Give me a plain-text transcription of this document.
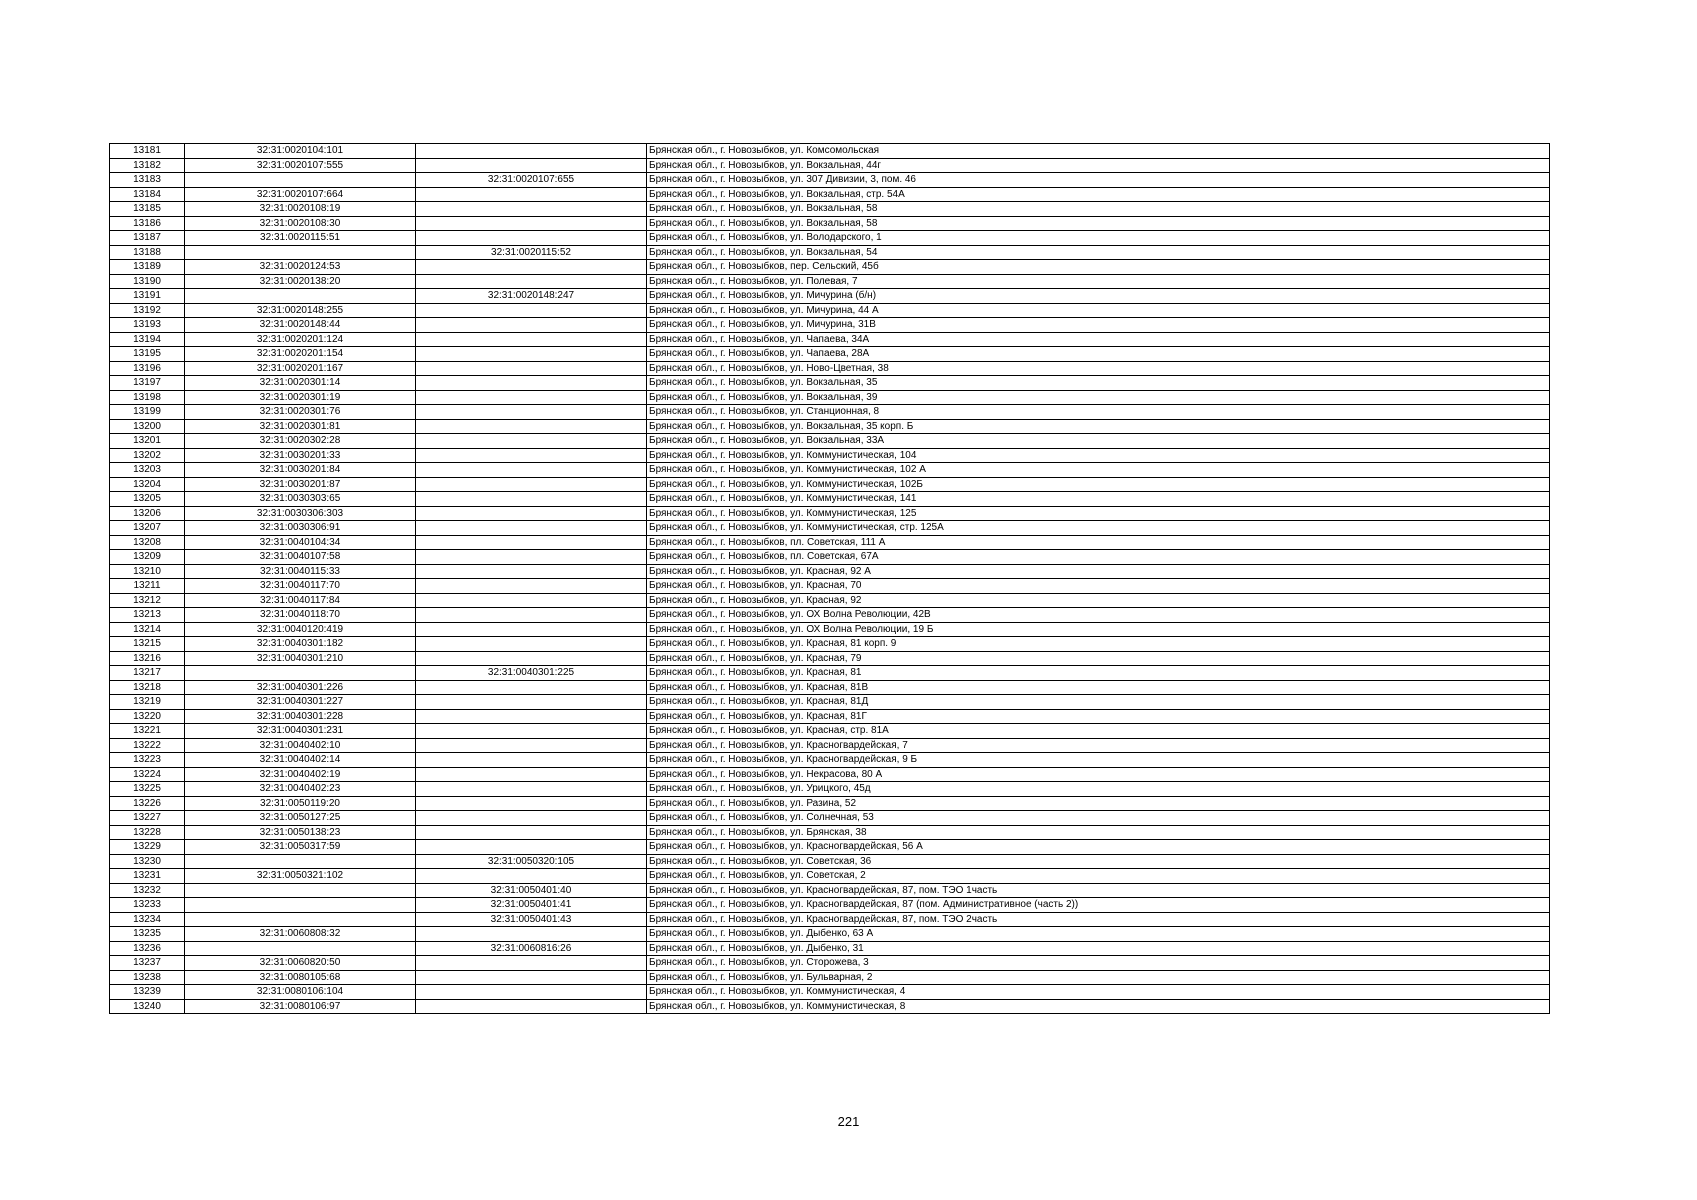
13181	32:31:0020104:101		Брянская обл., г. Новозыбков, ул. Комсомольская
13182	32:31:0020107:555		Брянская обл., г. Новозыбков, ул. Вокзальная, 44г
13183		32:31:0020107:655	Брянская обл., г. Новозыбков, ул. 307 Дивизии, 3, пом. 46
13184	32:31:0020107:664		Брянская обл., г. Новозыбков, ул. Вокзальная, стр. 54А
13185	32:31:0020108:19		Брянская обл., г. Новозыбков, ул. Вокзальная, 58
13186	32:31:0020108:30		Брянская обл., г. Новозыбков, ул. Вокзальная, 58
13187	32:31:0020115:51		Брянская обл., г. Новозыбков, ул. Володарского, 1
13188		32:31:0020115:52	Брянская обл., г. Новозыбков, ул. Вокзальная, 54
13189	32:31:0020124:53		Брянская обл., г. Новозыбков, пер. Сельский, 45б
13190	32:31:0020138:20		Брянская обл., г. Новозыбков, ул. Полевая, 7
13191		32:31:0020148:247	Брянская обл., г. Новозыбков, ул. Мичурина (б/н)
13192	32:31:0020148:255		Брянская обл., г. Новозыбков, ул. Мичурина, 44 А
13193	32:31:0020148:44		Брянская обл., г. Новозыбков, ул. Мичурина, 31В
13194	32:31:0020201:124		Брянская обл., г. Новозыбков, ул. Чапаева, 34А
13195	32:31:0020201:154		Брянская обл., г. Новозыбков, ул. Чапаева, 28А
13196	32:31:0020201:167		Брянская обл., г. Новозыбков, ул. Ново-Цветная, 38
13197	32:31:0020301:14		Брянская обл., г. Новозыбков, ул. Вокзальная, 35
13198	32:31:0020301:19		Брянская обл., г. Новозыбков, ул. Вокзальная, 39
13199	32:31:0020301:76		Брянская обл., г. Новозыбков, ул. Станционная, 8
13200	32:31:0020301:81		Брянская обл., г. Новозыбков, ул. Вокзальная, 35 корп. Б
13201	32:31:0020302:28		Брянская обл., г. Новозыбков, ул. Вокзальная, 33А
13202	32:31:0030201:33		Брянская обл., г. Новозыбков, ул. Коммунистическая, 104
13203	32:31:0030201:84		Брянская обл., г. Новозыбков, ул. Коммунистическая, 102 А
13204	32:31:0030201:87		Брянская обл., г. Новозыбков, ул. Коммунистическая, 102Б
13205	32:31:0030303:65		Брянская обл., г. Новозыбков, ул. Коммунистическая, 141
13206	32:31:0030306:303		Брянская обл., г. Новозыбков, ул. Коммунистическая, 125
13207	32:31:0030306:91		Брянская обл., г. Новозыбков, ул. Коммунистическая, стр. 125А
13208	32:31:0040104:34		Брянская обл., г. Новозыбков, пл. Советская, 111 А
13209	32:31:0040107:58		Брянская обл., г. Новозыбков, пл. Советская, 67А
13210	32:31:0040115:33		Брянская обл., г. Новозыбков, ул. Красная, 92 А
13211	32:31:0040117:70		Брянская обл., г. Новозыбков, ул. Красная, 70
13212	32:31:0040117:84		Брянская обл., г. Новозыбков, ул. Красная, 92
13213	32:31:0040118:70		Брянская обл., г. Новозыбков, ул. ОХ Волна Революции, 42В
13214	32:31:0040120:419		Брянская обл., г. Новозыбков, ул. ОХ Волна Революции, 19 Б
13215	32:31:0040301:182		Брянская обл., г. Новозыбков, ул. Красная, 81 корп. 9
13216	32:31:0040301:210		Брянская обл., г. Новозыбков, ул. Красная, 79
13217		32:31:0040301:225	Брянская обл., г. Новозыбков, ул. Красная, 81
13218	32:31:0040301:226		Брянская обл., г. Новозыбков, ул. Красная, 81В
13219	32:31:0040301:227		Брянская обл., г. Новозыбков, ул. Красная, 81Д
13220	32:31:0040301:228		Брянская обл., г. Новозыбков, ул. Красная, 81Г
13221	32:31:0040301:231		Брянская обл., г. Новозыбков, ул. Красная, стр. 81А
13222	32:31:0040402:10		Брянская обл., г. Новозыбков, ул. Красногвардейская, 7
13223	32:31:0040402:14		Брянская обл., г. Новозыбков, ул. Красногвардейская, 9 Б
13224	32:31:0040402:19		Брянская обл., г. Новозыбков, ул. Некрасова, 80 А
13225	32:31:0040402:23		Брянская обл., г. Новозыбков, ул. Урицкого, 45д
13226	32:31:0050119:20		Брянская обл., г. Новозыбков, ул. Разина, 52
13227	32:31:0050127:25		Брянская обл., г. Новозыбков, ул. Солнечная, 53
13228	32:31:0050138:23		Брянская обл., г. Новозыбков, ул. Брянская, 38
13229	32:31:0050317:59		Брянская обл., г. Новозыбков, ул. Красногвардейская, 56 А
13230		32:31:0050320:105	Брянская обл., г. Новозыбков, ул. Советская, 36
13231	32:31:0050321:102		Брянская обл., г. Новозыбков, ул. Советская, 2
13232		32:31:0050401:40	Брянская обл., г. Новозыбков, ул. Красногвардейская, 87, пом. ТЭО 1часть
13233		32:31:0050401:41	Брянская обл., г. Новозыбков, ул. Красногвардейская, 87 (пом. Административное (часть 2))
13234		32:31:0050401:43	Брянская обл., г. Новозыбков, ул. Красногвардейская, 87, пом. ТЭО 2часть
13235	32:31:0060808:32		Брянская обл., г. Новозыбков, ул. Дыбенко, 63 А
13236		32:31:0060816:26	Брянская обл., г. Новозыбков, ул. Дыбенко, 31
13237	32:31:0060820:50		Брянская обл., г. Новозыбков, ул. Сторожева, 3
13238	32:31:0080105:68		Брянская обл., г. Новозыбков, ул. Бульварная, 2
13239	32:31:0080106:104		Брянская обл., г. Новозыбков, ул. Коммунистическая, 4
13240	32:31:0080106:97		Брянская обл., г. Новозыбков, ул. Коммунистическая, 8
221
